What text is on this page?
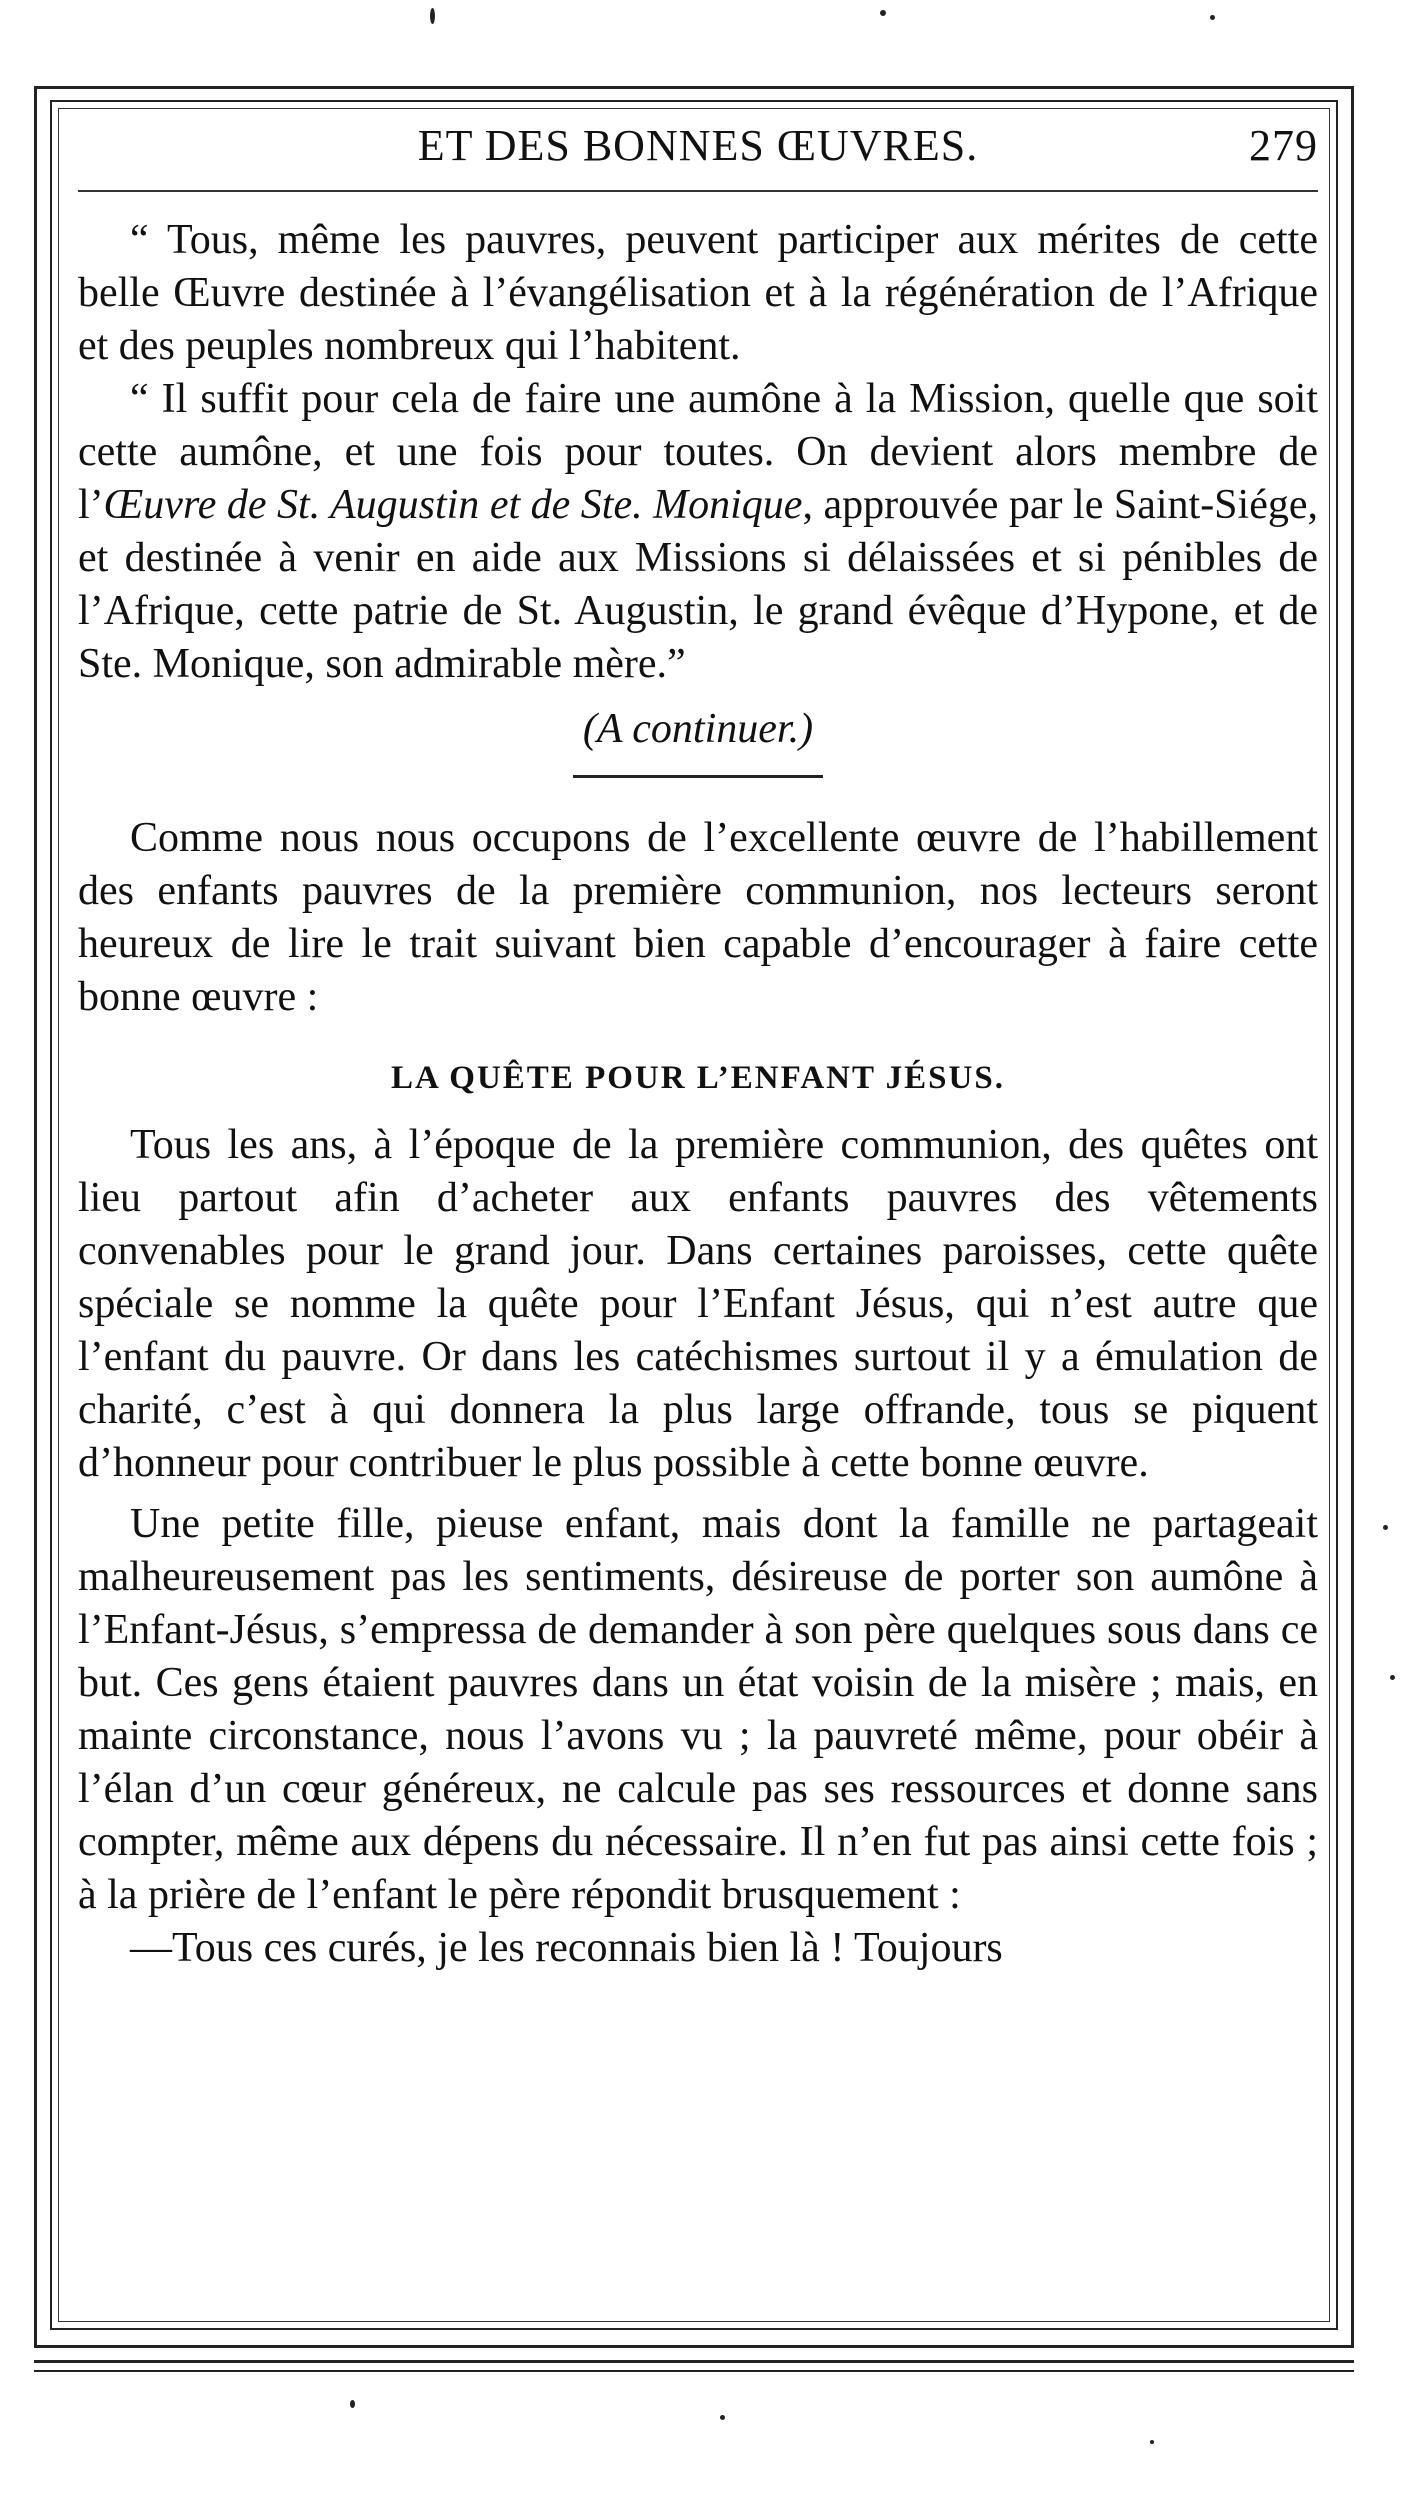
ET DES BONNES ŒUVRES.	279

“ Tous, même les pauvres, peuvent participer aux mérites de cette belle Œuvre destinée à l’évangélisation et à la régénération de l’Afrique et des peuples nombreux qui l’habitent.

“ Il suffit pour cela de faire une aumône à la Mission, quelle que soit cette aumône, et une fois pour toutes. On devient alors membre de l’Œuvre de St. Augustin et de Ste. Monique, approuvée par le Saint-Siége, et destinée à venir en aide aux Missions si délaissées et si pénibles de l’Afrique, cette patrie de St. Augustin, le grand évêque d’Hypone, et de Ste. Monique, son admirable mère.”

(A continuer.)

Comme nous nous occupons de l’excellente œuvre de l’habillement des enfants pauvres de la première communion, nos lecteurs seront heureux de lire le trait suivant bien capable d’encourager à faire cette bonne œuvre :

LA QUÊTE POUR L’ENFANT JÉSUS.

Tous les ans, à l’époque de la première communion, des quêtes ont lieu partout afin d’acheter aux enfants pauvres des vêtements convenables pour le grand jour. Dans certaines paroisses, cette quête spéciale se nomme la quête pour l’Enfant Jésus, qui n’est autre que l’enfant du pauvre. Or dans les catéchismes surtout il y a émulation de charité, c’est à qui donnera la plus large offrande, tous se piquent d’honneur pour contribuer le plus possible à cette bonne œuvre.

Une petite fille, pieuse enfant, mais dont la famille ne partageait malheureusement pas les sentiments, désireuse de porter son aumône à l’Enfant-Jésus, s’empressa de demander à son père quelques sous dans ce but. Ces gens étaient pauvres dans un état voisin de la misère ; mais, en mainte circonstance, nous l’avons vu ; la pauvreté même, pour obéir à l’élan d’un cœur généreux, ne calcule pas ses ressources et donne sans compter, même aux dépens du nécessaire. Il n’en fut pas ainsi cette fois ; à la prière de l’enfant le père répondit brusquement :

—Tous ces curés, je les reconnais bien là ! Toujours
